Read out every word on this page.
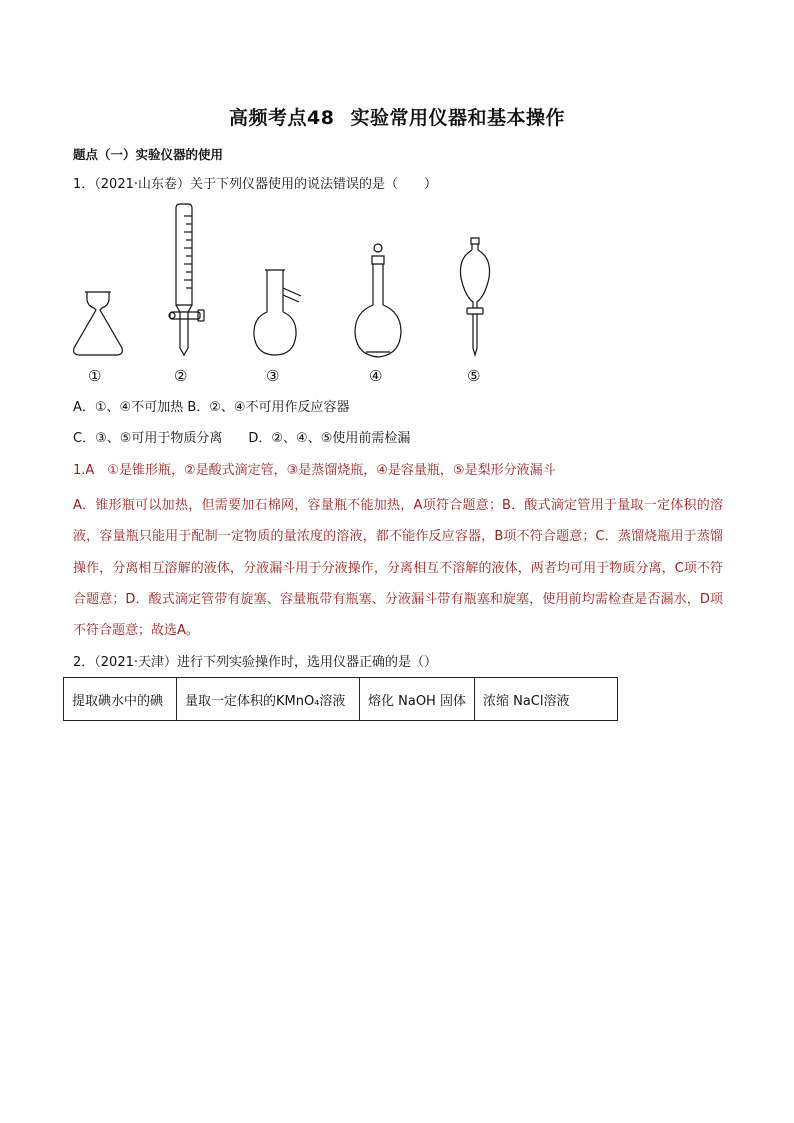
高频考点48 实验常用仪器和基本操作
题点（一）实验仪器的使用
1．（2021·山东卷）关于下列仪器使用的说法错误的是（　　）
①	②	③	④	⑤
A．①、④不可加热 B．②、④不可用作反应容器
C．③、⑤可用于物质分离　　D．②、④、⑤使用前需检漏
1.A　①是锥形瓶，②是酸式滴定管，③是蒸馏烧瓶，④是容量瓶，⑤是梨形分液漏斗
A．锥形瓶可以加热，但需要加石棉网，容量瓶不能加热，A项符合题意；B．酸式滴定管用于量取一定体积的溶液，容量瓶只能用于配制一定物质的量浓度的溶液，都不能作反应容器，B项不符合题意；C．蒸馏烧瓶用于蒸馏操作，分离相互溶解的液体，分液漏斗用于分液操作，分离相互不溶解的液体，两者均可用于物质分离，C项不符合题意；D．酸式滴定管带有旋塞、容量瓶带有瓶塞、分液漏斗带有瓶塞和旋塞，使用前均需检查是否漏水，D项不符合题意；故选A。
2．（2021·天津）进行下列实验操作时，选用仪器正确的是（）
提取碘水中的碘	量取一定体积的KMnO₄溶液	熔化 NaOH 固体	浓缩 NaCl溶液
